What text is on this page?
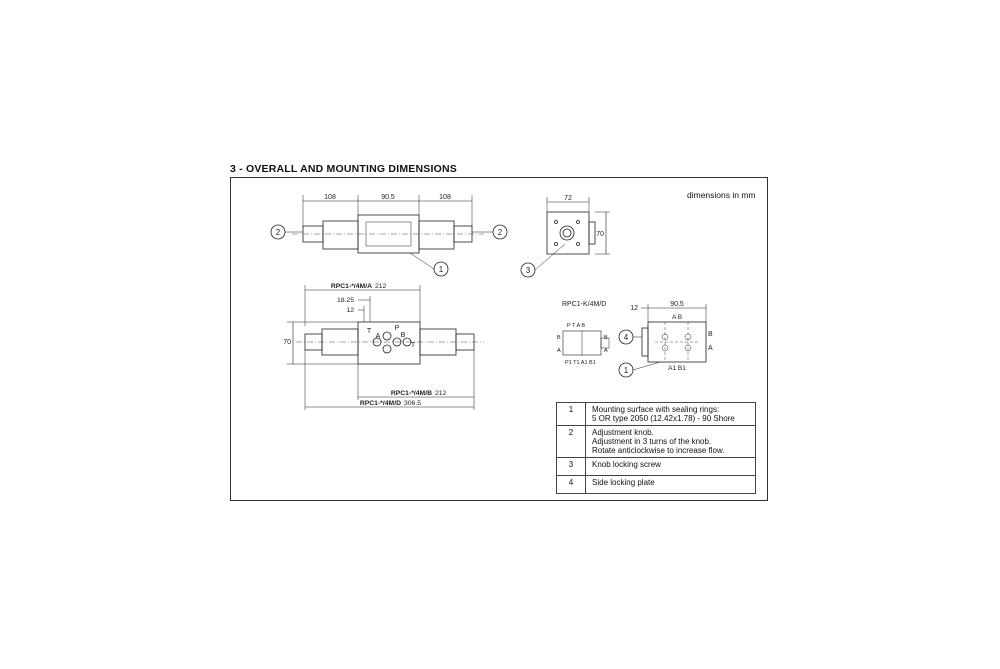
3 - OVERALL AND MOUNTING DIMENSIONS
dimensions in mm
108	90.5	108
2	2
1
72
70
3
RPC1-*/4M/A 212
18.25
12
70
P
T
A	B
T
RPC1-*/4M/B 212
RPC1-*/4M/D 306.5
RPC1-K/4M/D
P T A B
P1 T1 A1 B1
B
A
B
A
12
90.5
A B
A1 B1
B
A
4
1
1	Mounting surface with sealing rings:
5 OR type 2050 (12.42x1.78) - 90 Shore

2	Adjustment knob.
Adjustment in 3 turns of the knob.
Rotate anticlockwise to increase flow.

3	Knob locking screw

4	Side locking plate
